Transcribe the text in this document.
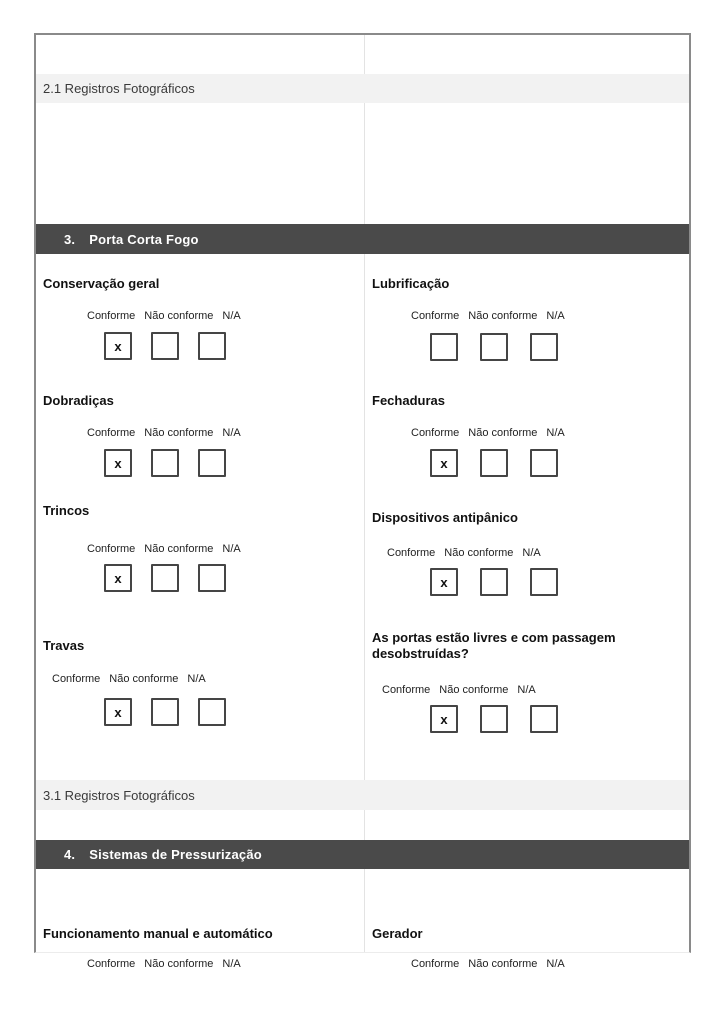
2.1 Registros Fotográficos
3. Porta Corta Fogo
Conservação geral
Conforme Não conforme N/A
x
Dobradiças
Conforme Não conforme N/A
x
Trincos
Conforme Não conforme N/A
x
Travas
Conforme Não conforme N/A
x
Lubrificação
Conforme Não conforme N/A
Fechaduras
Conforme Não conforme N/A
x
Dispositivos antipânico
Conforme Não conforme N/A
x
As portas estão livres e com passagem desobstruídas?
Conforme Não conforme N/A
x
3.1 Registros Fotográficos
4. Sistemas de Pressurização
Funcionamento manual e automático
Conforme Não conforme N/A
Gerador
Conforme Não conforme N/A
